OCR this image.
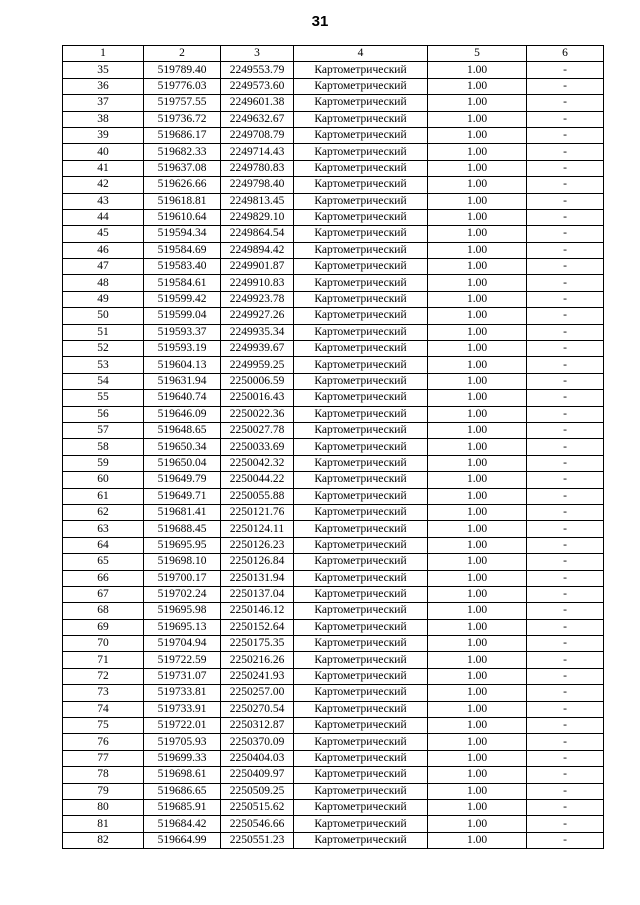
31
1	2	3	4	5	6
35	519789.40	2249553.79	Картометрический	1.00	-
36	519776.03	2249573.60	Картометрический	1.00	-
37	519757.55	2249601.38	Картометрический	1.00	-
38	519736.72	2249632.67	Картометрический	1.00	-
39	519686.17	2249708.79	Картометрический	1.00	-
40	519682.33	2249714.43	Картометрический	1.00	-
41	519637.08	2249780.83	Картометрический	1.00	-
42	519626.66	2249798.40	Картометрический	1.00	-
43	519618.81	2249813.45	Картометрический	1.00	-
44	519610.64	2249829.10	Картометрический	1.00	-
45	519594.34	2249864.54	Картометрический	1.00	-
46	519584.69	2249894.42	Картометрический	1.00	-
47	519583.40	2249901.87	Картометрический	1.00	-
48	519584.61	2249910.83	Картометрический	1.00	-
49	519599.42	2249923.78	Картометрический	1.00	-
50	519599.04	2249927.26	Картометрический	1.00	-
51	519593.37	2249935.34	Картометрический	1.00	-
52	519593.19	2249939.67	Картометрический	1.00	-
53	519604.13	2249959.25	Картометрический	1.00	-
54	519631.94	2250006.59	Картометрический	1.00	-
55	519640.74	2250016.43	Картометрический	1.00	-
56	519646.09	2250022.36	Картометрический	1.00	-
57	519648.65	2250027.78	Картометрический	1.00	-
58	519650.34	2250033.69	Картометрический	1.00	-
59	519650.04	2250042.32	Картометрический	1.00	-
60	519649.79	2250044.22	Картометрический	1.00	-
61	519649.71	2250055.88	Картометрический	1.00	-
62	519681.41	2250121.76	Картометрический	1.00	-
63	519688.45	2250124.11	Картометрический	1.00	-
64	519695.95	2250126.23	Картометрический	1.00	-
65	519698.10	2250126.84	Картометрический	1.00	-
66	519700.17	2250131.94	Картометрический	1.00	-
67	519702.24	2250137.04	Картометрический	1.00	-
68	519695.98	2250146.12	Картометрический	1.00	-
69	519695.13	2250152.64	Картометрический	1.00	-
70	519704.94	2250175.35	Картометрический	1.00	-
71	519722.59	2250216.26	Картометрический	1.00	-
72	519731.07	2250241.93	Картометрический	1.00	-
73	519733.81	2250257.00	Картометрический	1.00	-
74	519733.91	2250270.54	Картометрический	1.00	-
75	519722.01	2250312.87	Картометрический	1.00	-
76	519705.93	2250370.09	Картометрический	1.00	-
77	519699.33	2250404.03	Картометрический	1.00	-
78	519698.61	2250409.97	Картометрический	1.00	-
79	519686.65	2250509.25	Картометрический	1.00	-
80	519685.91	2250515.62	Картометрический	1.00	-
81	519684.42	2250546.66	Картометрический	1.00	-
82	519664.99	2250551.23	Картометрический	1.00	-
